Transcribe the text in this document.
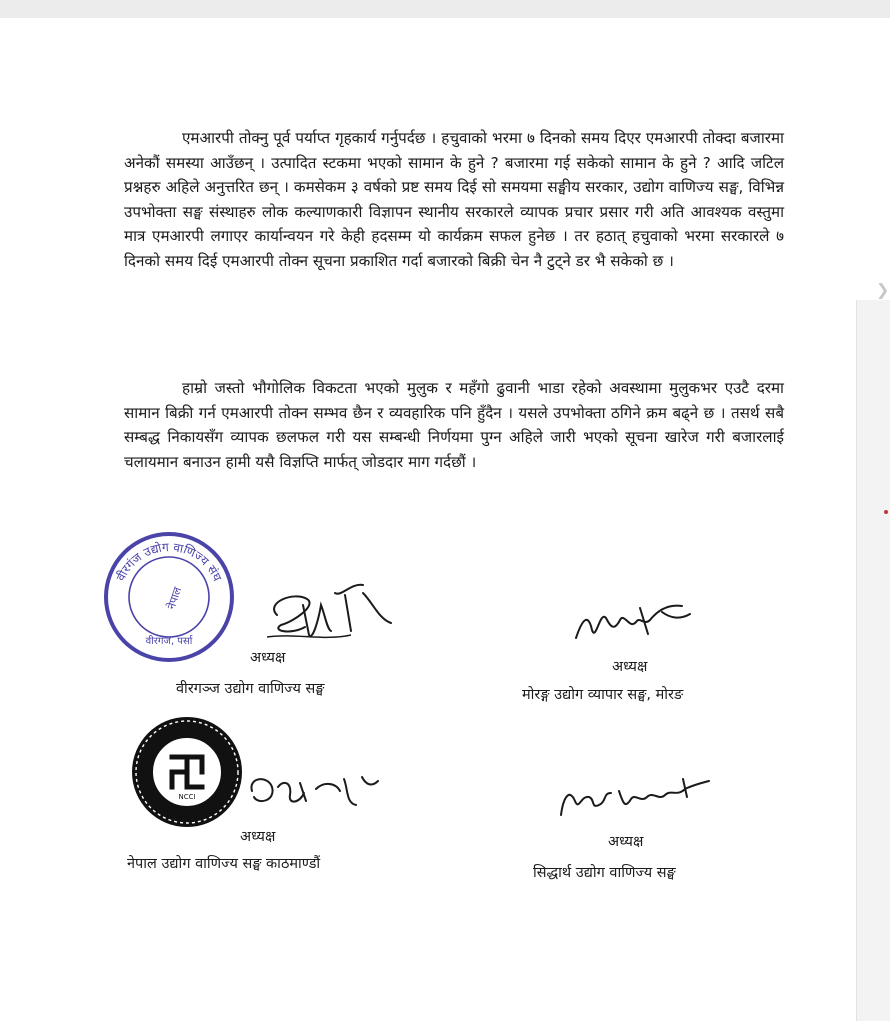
❯

एमआरपी तोक्नु पूर्व पर्याप्त गृहकार्य गर्नुपर्दछ । हचुवाको भरमा ७ दिनको समय दिएर एमआरपी तोक्दा बजारमा अनेकौं समस्या आउँछन् । उत्पादित स्टकमा भएको सामान के हुने ? बजारमा गई सकेको सामान के हुने ? आदि जटिल प्रश्नहरु अहिले अनुत्तरित छन् । कमसेकम ३ वर्षको प्रष्ट समय दिई सो समयमा सङ्घीय सरकार, उद्योग वाणिज्य सङ्घ, विभिन्न उपभोक्ता सङ्घ संस्थाहरु लोक कल्याणकारी विज्ञापन स्थानीय सरकारले व्यापक प्रचार प्रसार गरी अति आवश्यक वस्तुमा मात्र एमआरपी लगाएर कार्यान्वयन गरे केही हदसम्म यो कार्यक्रम सफल हुनेछ । तर हठात् हचुवाको भरमा सरकारले ७ दिनको समय दिई एमआरपी तोक्न सूचना प्रकाशित गर्दा बजारको बिक्री चेन नै टुट्ने डर भै सकेको छ ।

हाम्रो जस्तो भौगोलिक विकटता भएको मुलुक र महँगो ढुवानी भाडा रहेको अवस्थामा मुलुकभर एउटै दरमा सामान बिक्री गर्न एमआरपी तोक्न सम्भव छैन र व्यवहारिक पनि हुँदैन । यसले उपभोक्ता ठगिने क्रम बढ्ने छ । तसर्थ सबै सम्बद्ध निकायसँग व्यापक छलफल गरी यस सम्बन्धी निर्णयमा पुग्न अहिले जारी भएको सूचना खारेज गरी बजारलाई चलायमान बनाउन हामी यसै विज्ञप्ति मार्फत् जोडदार माग गर्दछौं ।

वीरगंज उद्योग वाणिज्य संघ
वीरगंज, पर्सा
नेपाल
अध्यक्ष
वीरगञ्ज उद्योग वाणिज्य सङ्घ
अध्यक्ष
मोरङ्ग उद्योग व्यापार सङ्घ, मोरङ
NCCI
अध्यक्ष
नेपाल उद्योग वाणिज्य सङ्घ काठमाण्डौं
अध्यक्ष
सिद्धार्थ उद्योग वाणिज्य सङ्घ
